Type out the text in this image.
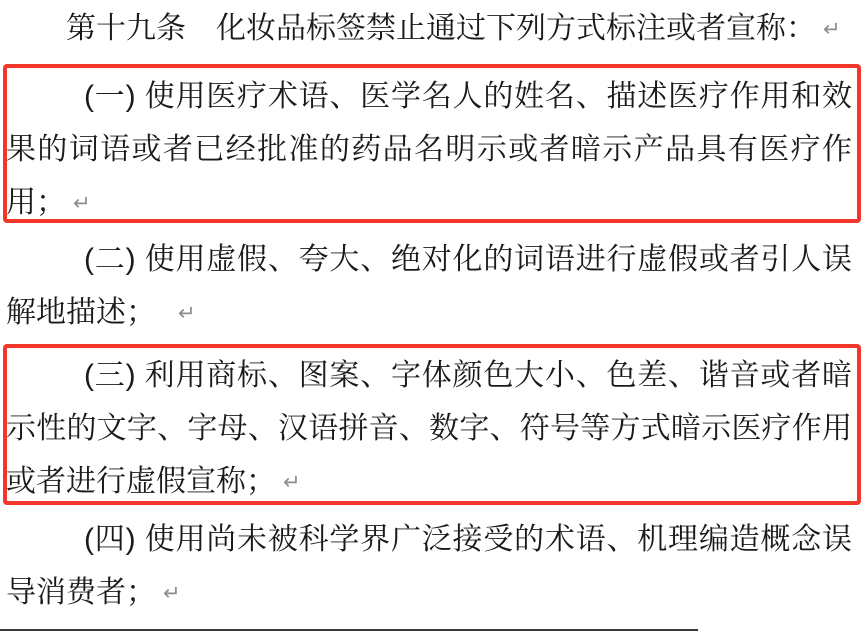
第十九条　化妆品标签禁止通过下列方式标注或者宣称： ↵

(一) 使用医疗术语、医学名人的姓名、描述医疗作用和效果的词语或者已经批准的药品名明示或者暗示产品具有医疗作用； ↵

(二) 使用虚假、夸大、绝对化的词语进行虚假或者引人误解地描述；　↵

(三) 利用商标、图案、字体颜色大小、色差、谐音或者暗示性的文字、字母、汉语拼音、数字、符号等方式暗示医疗作用或者进行虚假宣称； ↵

(四) 使用尚未被科学界广泛接受的术语、机理编造概念误导消费者； ↵
